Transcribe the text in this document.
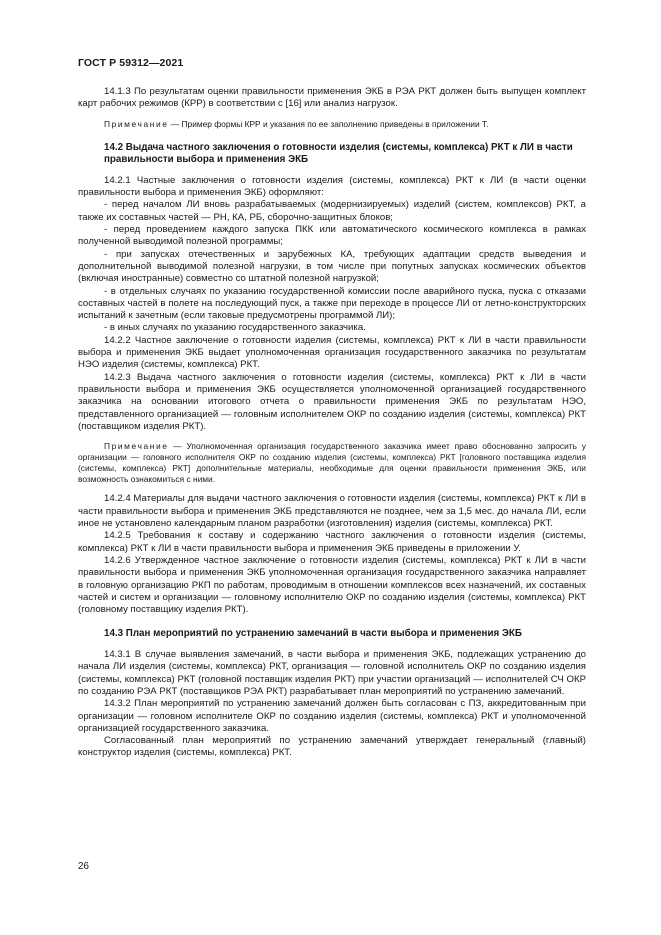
ГОСТ Р 59312—2021

14.1.3 По результатам оценки правильности применения ЭКБ в РЭА РКТ должен быть выпущен комплект карт рабочих режимов (КРР) в соответствии с [16] или анализ нагрузок.

Примечание — Пример формы КРР и указания по ее заполнению приведены в приложении Т.

14.2 Выдача частного заключения о готовности изделия (системы, комплекса) РКТ к ЛИ в части правильности выбора и применения ЭКБ

14.2.1 Частные заключения о готовности изделия (системы, комплекса) РКТ к ЛИ (в части оценки правильности выбора и применения ЭКБ) оформляют:

- перед началом ЛИ вновь разрабатываемых (модернизируемых) изделий (систем, комплексов) РКТ, а также их составных частей — РН, КА, РБ, сборочно-защитных блоков;

- перед проведением каждого запуска ПКК или автоматического космического комплекса в рамках полученной выводимой полезной программы;

- при запусках отечественных и зарубежных КА, требующих адаптации средств выведения и дополнительной выводимой полезной нагрузки, в том числе при попутных запусках космических объектов (включая иностранные) совместно со штатной полезной нагрузкой;

- в отдельных случаях по указанию государственной комиссии после аварийного пуска, пуска с отказами составных частей в полете на последующий пуск, а также при переходе в процессе ЛИ от летно-конструкторских испытаний к зачетным (если таковые предусмотрены программой ЛИ);

- в иных случаях по указанию государственного заказчика.

14.2.2 Частное заключение о готовности изделия (системы, комплекса) РКТ к ЛИ в части правильности выбора и применения ЭКБ выдает уполномоченная организация государственного заказчика по результатам НЭО изделия (системы, комплекса) РКТ.

14.2.3 Выдача частного заключения о готовности изделия (системы, комплекса) РКТ к ЛИ в части правильности выбора и применения ЭКБ осуществляется уполномоченной организацией государственного заказчика на основании итогового отчета о правильности применения ЭКБ по результатам НЭО, представленного организацией — головным исполнителем ОКР по созданию изделия (системы, комплекса) РКТ (поставщиком изделия РКТ).

Примечание — Уполномоченная организация государственного заказчика имеет право обоснованно запросить у организации — головного исполнителя ОКР по созданию изделия (системы, комплекса) РКТ [головного поставщика изделия (системы, комплекса) РКТ] дополнительные материалы, необходимые для оценки правильности применения ЭКБ, или возможность ознакомиться с ними.

14.2.4 Материалы для выдачи частного заключения о готовности изделия (системы, комплекса) РКТ к ЛИ в части правильности выбора и применения ЭКБ представляются не позднее, чем за 1,5 мес. до начала ЛИ, если иное не установлено календарным планом разработки (изготовления) изделия (системы, комплекса) РКТ.

14.2.5 Требования к составу и содержанию частного заключения о готовности изделия (системы, комплекса) РКТ к ЛИ в части правильности выбора и применения ЭКБ приведены в приложении У.

14.2.6 Утвержденное частное заключение о готовности изделия (системы, комплекса) РКТ к ЛИ в части правильности выбора и применения ЭКБ уполномоченная организация государственного заказчика направляет в головную организацию РКП по работам, проводимым в отношении комплексов всех назначений, их составных частей и систем и организации — головному исполнителю ОКР по созданию изделия (системы, комплекса) РКТ (головному поставщику изделия РКТ).

14.3 План мероприятий по устранению замечаний в части выбора и применения ЭКБ

14.3.1 В случае выявления замечаний, в части выбора и применения ЭКБ, подлежащих устранению до начала ЛИ изделия (системы, комплекса) РКТ, организация — головной исполнитель ОКР по созданию изделия (системы, комплекса) РКТ (головной поставщик изделия РКТ) при участии организаций — исполнителей СЧ ОКР по созданию РЭА РКТ (поставщиков РЭА РКТ) разрабатывает план мероприятий по устранению замечаний.

14.3.2 План мероприятий по устранению замечаний должен быть согласован с ПЗ, аккредитованным при организации — головном исполнителе ОКР по созданию изделия (системы, комплекса) РКТ и уполномоченной организацией государственного заказчика.

Согласованный план мероприятий по устранению замечаний утверждает генеральный (главный) конструктор изделия (системы, комплекса) РКТ.

26
